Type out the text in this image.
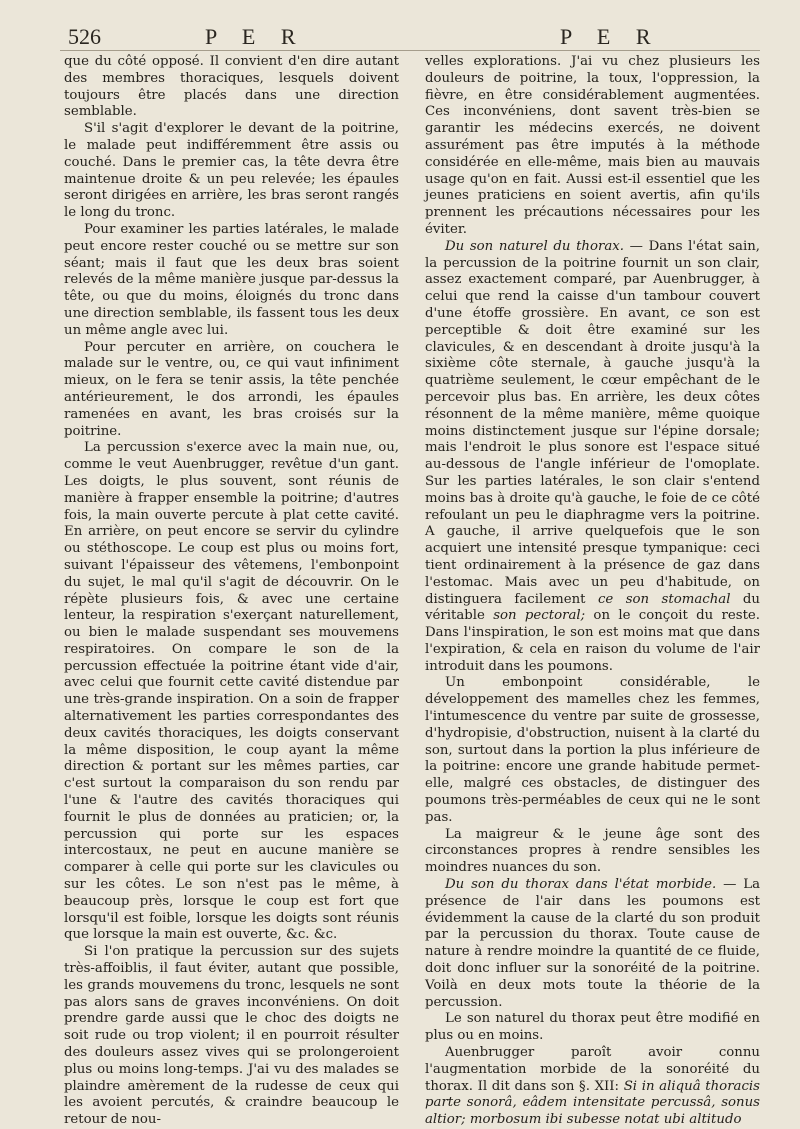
526	P E R	P E R

que du côté opposé. Il convient d'en dire autant des membres thoraciques, lesquels doivent toujours être placés dans une direction semblable.

S'il s'agit d'explorer le devant de la poitrine, le malade peut indifféremment être assis ou couché. Dans le premier cas, la tête devra être maintenue droite & un peu relevée; les épaules seront dirigées en arrière, les bras seront rangés le long du tronc.

Pour examiner les parties latérales, le malade peut encore rester couché ou se mettre sur son séant; mais il faut que les deux bras soient relevés de la même manière jusque par-dessus la tête, ou que du moins, éloignés du tronc dans une direction semblable, ils fassent tous les deux un même angle avec lui.

Pour percuter en arrière, on couchera le malade sur le ventre, ou, ce qui vaut infiniment mieux, on le fera se tenir assis, la tête penchée antérieurement, le dos arrondi, les épaules ramenées en avant, les bras croisés sur la poitrine.

La percussion s'exerce avec la main nue, ou, comme le veut Auenbrugger, revêtue d'un gant. Les doigts, le plus souvent, sont réunis de manière à frapper ensemble la poitrine; d'autres fois, la main ouverte percute à plat cette cavité. En arrière, on peut encore se servir du cylindre ou stéthoscope. Le coup est plus ou moins fort, suivant l'épaisseur des vêtemens, l'embonpoint du sujet, le mal qu'il s'agit de découvrir. On le répète plusieurs fois, & avec une certaine lenteur, la respiration s'exerçant naturellement, ou bien le malade suspendant ses mouvemens respiratoires. On compare le son de la percussion effectuée la poitrine étant vide d'air, avec celui que fournit cette cavité distendue par une très-grande inspiration. On a soin de frapper alternativement les parties correspondantes des deux cavités thoraciques, les doigts conservant la même disposition, le coup ayant la même direction & portant sur les mêmes parties, car c'est surtout la comparaison du son rendu par l'une & l'autre des cavités thoraciques qui fournit le plus de données au praticien; or, la percussion qui porte sur les espaces intercostaux, ne peut en aucune manière se comparer à celle qui porte sur les clavicules ou sur les côtes. Le son n'est pas le même, à beaucoup près, lorsque le coup est fort que lorsqu'il est foible, lorsque les doigts sont réunis que lorsque la main est ouverte, &c. &c.

Si l'on pratique la percussion sur des sujets très-affoiblis, il faut éviter, autant que possible, les grands mouvemens du tronc, lesquels ne sont pas alors sans de graves inconvéniens. On doit prendre garde aussi que le choc des doigts ne soit rude ou trop violent; il en pourroit résulter des douleurs assez vives qui se prolongeroient plus ou moins long-temps. J'ai vu des malades se plaindre amèrement de la rudesse de ceux qui les avoient percutés, & craindre beaucoup le retour de nou-

velles explorations. J'ai vu chez plusieurs les douleurs de poitrine, la toux, l'oppression, la fièvre, en être considérablement augmentées. Ces inconvéniens, dont savent très-bien se garantir les médecins exercés, ne doivent assurément pas être imputés à la méthode considérée en elle-même, mais bien au mauvais usage qu'on en fait. Aussi est-il essentiel que les jeunes praticiens en soient avertis, afin qu'ils prennent les précautions nécessaires pour les éviter.

Du son naturel du thorax. — Dans l'état sain, la percussion de la poitrine fournit un son clair, assez exactement comparé, par Auenbrugger, à celui que rend la caisse d'un tambour couvert d'une étoffe grossière. En avant, ce son est perceptible & doit être examiné sur les clavicules, & en descendant à droite jusqu'à la sixième côte sternale, à gauche jusqu'à la quatrième seulement, le cœur empêchant de le percevoir plus bas. En arrière, les deux côtes résonnent de la même manière, même quoique moins distinctement jusque sur l'épine dorsale; mais l'endroit le plus sonore est l'espace situé au-dessous de l'angle inférieur de l'omoplate. Sur les parties latérales, le son clair s'entend moins bas à droite qu'à gauche, le foie de ce côté refoulant un peu le diaphragme vers la poitrine. A gauche, il arrive quelquefois que le son acquiert une intensité presque tympanique: ceci tient ordinairement à la présence de gaz dans l'estomac. Mais avec un peu d'habitude, on distinguera facilement ce son stomachal du véritable son pectoral; on le conçoit du reste. Dans l'inspiration, le son est moins mat que dans l'expiration, & cela en raison du volume de l'air introduit dans les poumons.

Un embonpoint considérable, le développement des mamelles chez les femmes, l'intumescence du ventre par suite de grossesse, d'hydropisie, d'obstruction, nuisent à la clarté du son, surtout dans la portion la plus inférieure de la poitrine: encore une grande habitude permet-elle, malgré ces obstacles, de distinguer des poumons très-perméables de ceux qui ne le sont pas.

La maigreur & le jeune âge sont des circonstances propres à rendre sensibles les moindres nuances du son.

Du son du thorax dans l'état morbide. — La présence de l'air dans les poumons est évidemment la cause de la clarté du son produit par la percussion du thorax. Toute cause de nature à rendre moindre la quantité de ce fluide, doit donc influer sur la sonoréité de la poitrine. Voilà en deux mots toute la théorie de la percussion.

Le son naturel du thorax peut être modifié en plus ou en moins.

Auenbrugger paroît avoir connu l'augmentation morbide de la sonoréité du thorax. Il dit dans son §. XII: Si in aliquâ thoracis parte sonorâ, eâdem intensitate percussâ, sonus altior; morbosum ibi subesse notat ubi altitudo
